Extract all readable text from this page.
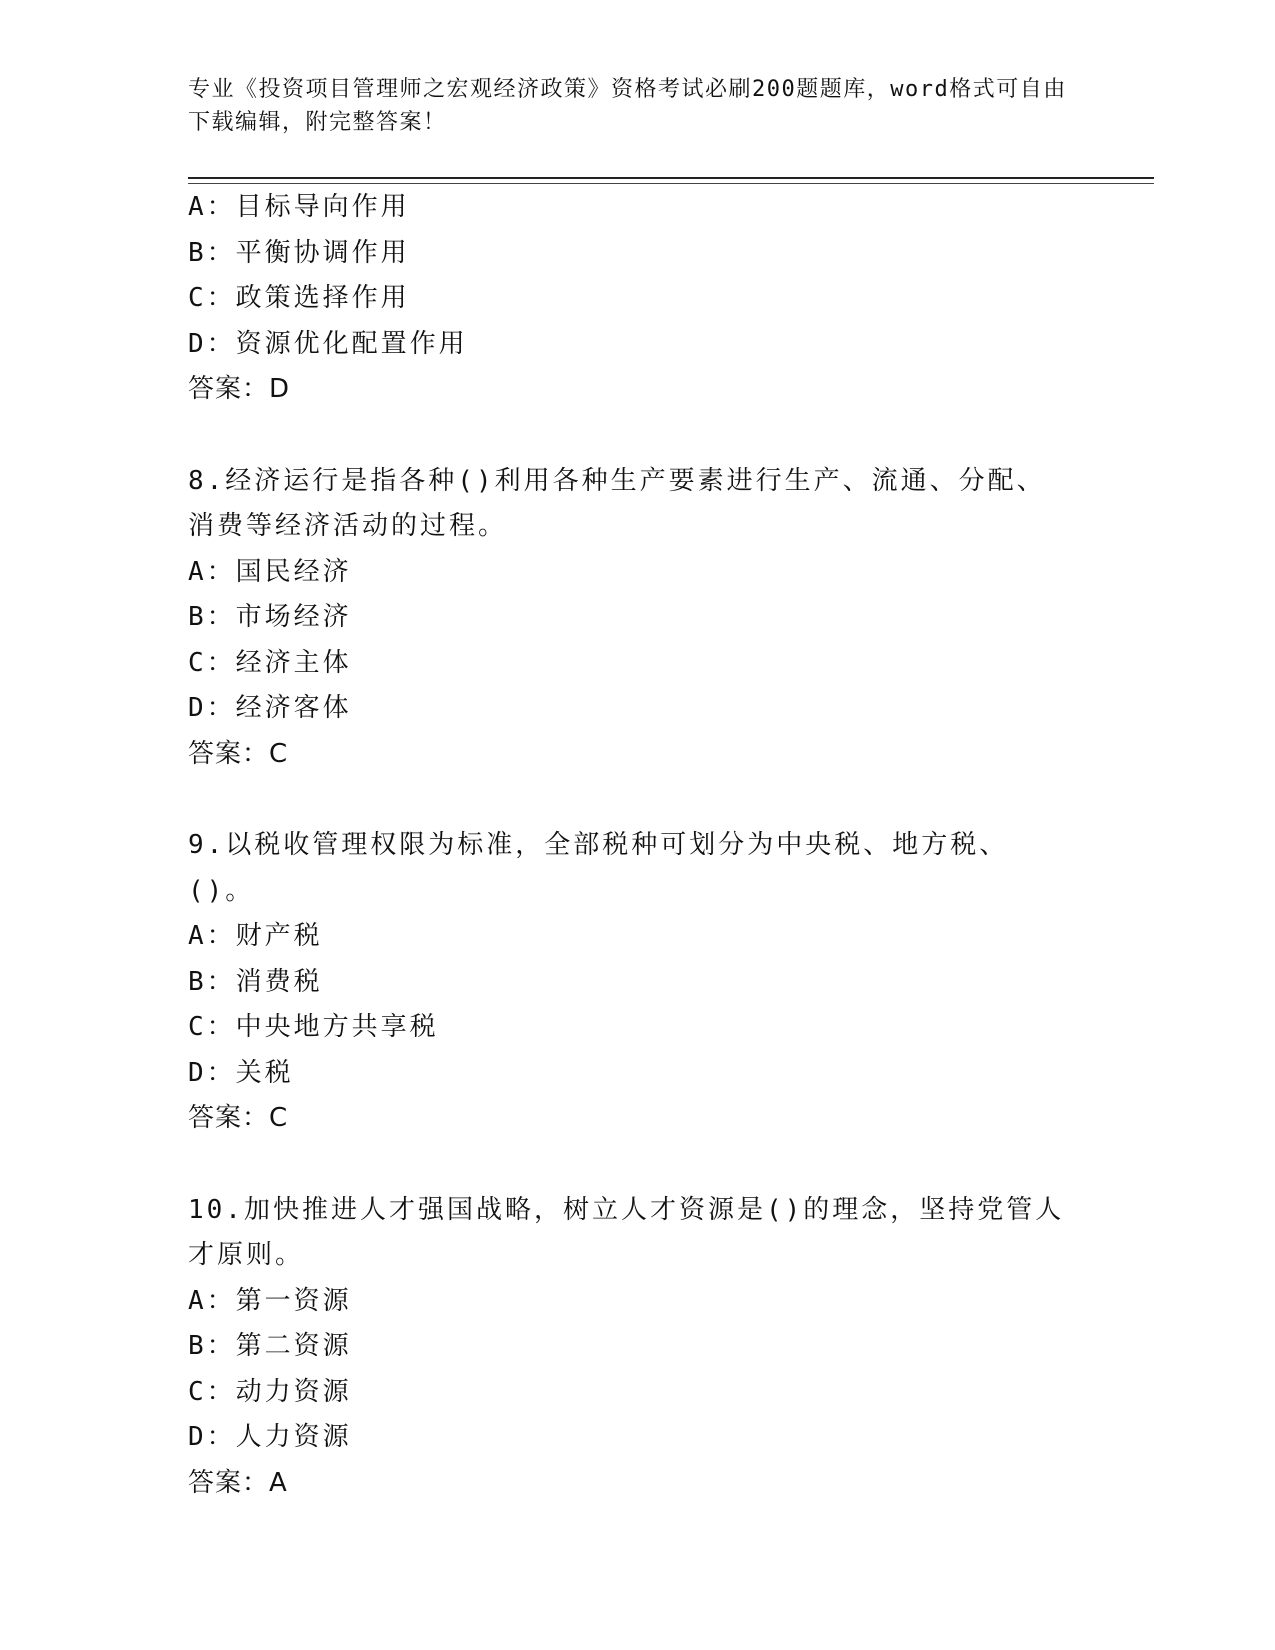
专业《投资项目管理师之宏观经济政策》资格考试必刷200题题库，word格式可自由下载编辑，附完整答案！
A：目标导向作用
B：平衡协调作用
C：政策选择作用
D：资源优化配置作用
答案：D
8.经济运行是指各种()利用各种生产要素进行生产、流通、分配、消费等经济活动的过程。
A：国民经济
B：市场经济
C：经济主体
D：经济客体
答案：C
9.以税收管理权限为标准，全部税种可划分为中央税、地方税、()。
A：财产税
B：消费税
C：中央地方共享税
D：关税
答案：C
10.加快推进人才强国战略，树立人才资源是()的理念，坚持党管人才原则。
A：第一资源
B：第二资源
C：动力资源
D：人力资源
答案：A
